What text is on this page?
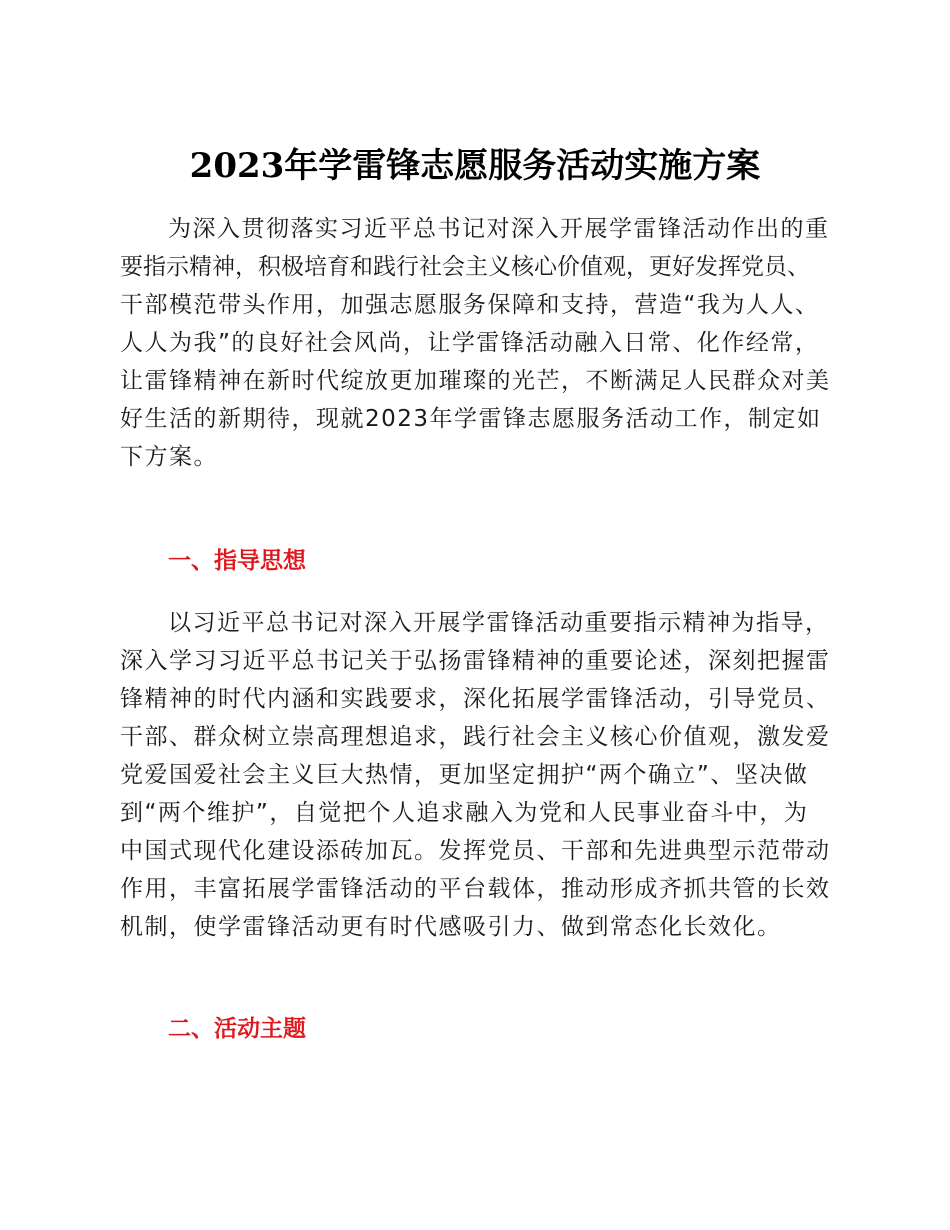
2023年学雷锋志愿服务活动实施方案
为深入贯彻落实习近平总书记对深入开展学雷锋活动作出的重
要指示精神，积极培育和践行社会主义核心价值观，更好发挥党员、
干部模范带头作用，加强志愿服务保障和支持，营造“我为人人、
人人为我”的良好社会风尚，让学雷锋活动融入日常、化作经常，
让雷锋精神在新时代绽放更加璀璨的光芒，不断满足人民群众对美
好生活的新期待，现就2023年学雷锋志愿服务活动工作，制定如
下方案。
一、指导思想
以习近平总书记对深入开展学雷锋活动重要指示精神为指导，
深入学习习近平总书记关于弘扬雷锋精神的重要论述，深刻把握雷
锋精神的时代内涵和实践要求，深化拓展学雷锋活动，引导党员、
干部、群众树立崇高理想追求，践行社会主义核心价值观，激发爱
党爱国爱社会主义巨大热情，更加坚定拥护“两个确立”、坚决做
到“两个维护”，自觉把个人追求融入为党和人民事业奋斗中，为
中国式现代化建设添砖加瓦。发挥党员、干部和先进典型示范带动
作用，丰富拓展学雷锋活动的平台载体，推动形成齐抓共管的长效
机制，使学雷锋活动更有时代感吸引力、做到常态化长效化。
二、活动主题
